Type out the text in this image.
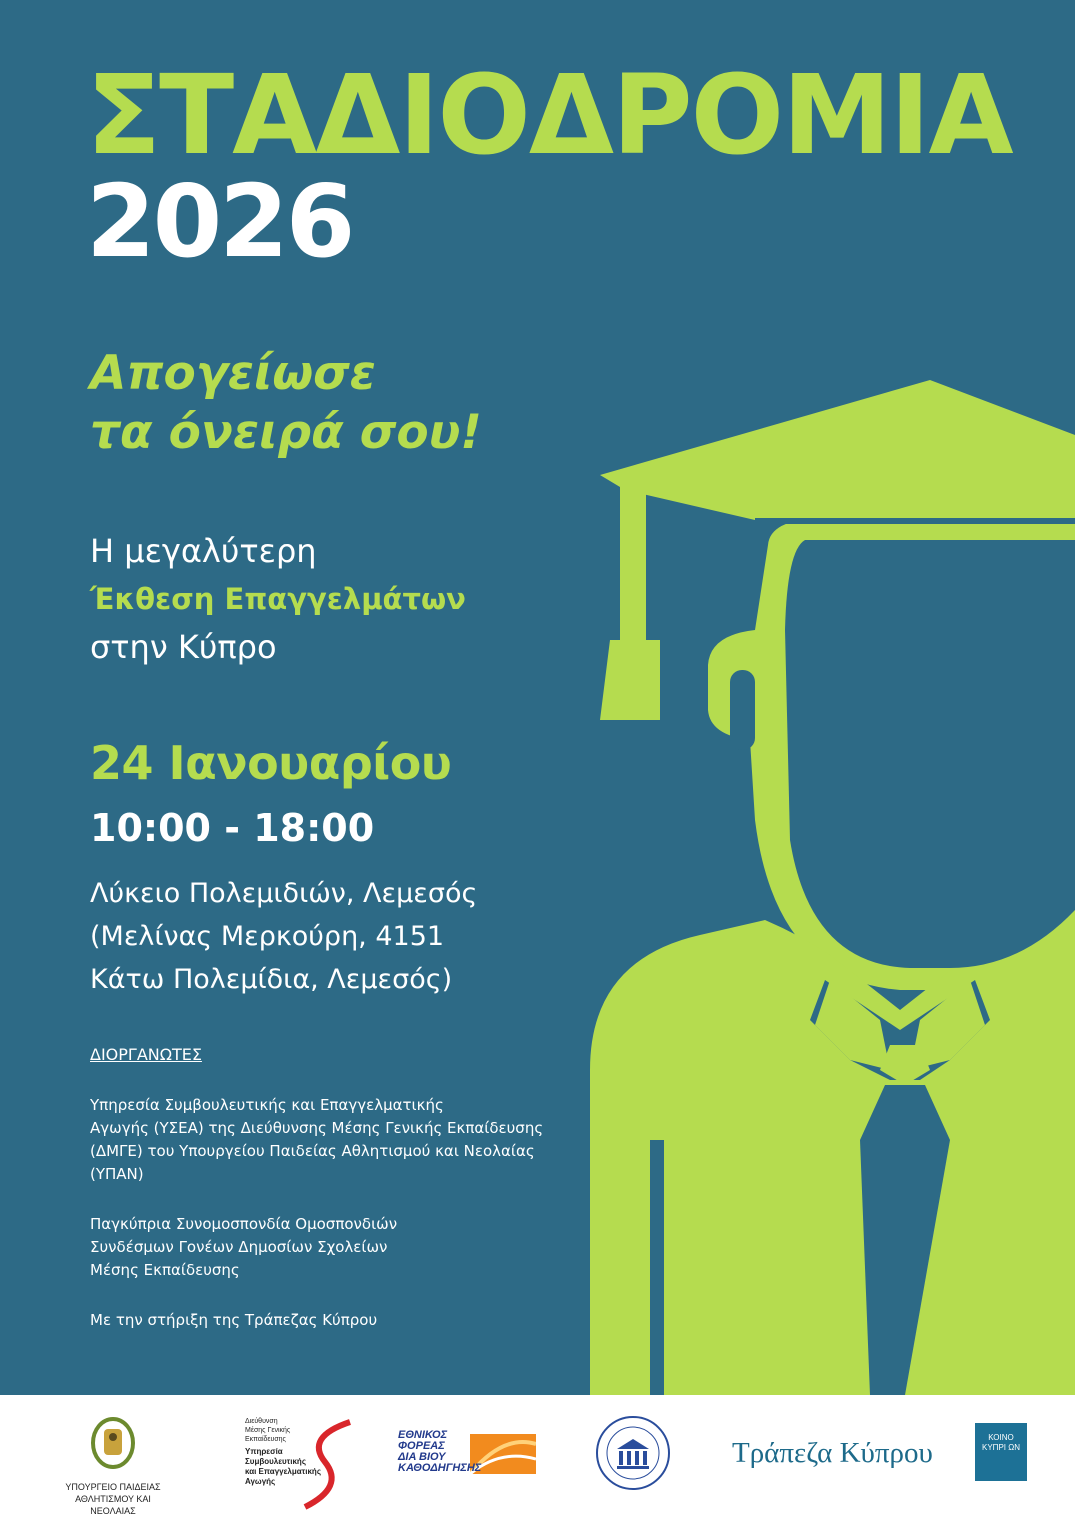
ΣΤΑΔΙΟΔΡΟΜΙΑ
2026
Απογείωσε
τα όνειρά σου!
Η μεγαλύτερη
Έκθεση Επαγγελμάτων
στην Κύπρο
24 Ιανουαρίου
10:00 - 18:00
Λύκειο Πολεμιδιών, Λεμεσός
(Μελίνας Μερκούρη, 4151
Κάτω Πολεμίδια, Λεμεσός)
ΔΙΟΡΓΑΝΩΤΕΣ
Υπηρεσία Συμβουλευτικής και Επαγγελματικής
Αγωγής (ΥΣΕΑ) της Διεύθυνσης Μέσης Γενικής Εκπαίδευσης
(ΔΜΓΕ) του Υπουργείου Παιδείας Αθλητισμού και Νεολαίας
(ΥΠΑΝ)
Παγκύπρια Συνομοσπονδία Ομοσπονδιών
Συνδέσμων Γονέων Δημοσίων Σχολείων
Μέσης Εκπαίδευσης
Με την στήριξη της Τράπεζας Κύπρου
ΥΠΟΥΡΓΕΙΟ ΠΑΙΔΕΙΑΣ
ΑΘΛΗΤΙΣΜΟΥ ΚΑΙ ΝΕΟΛΑΙΑΣ
Διεύθυνση
Μέσης Γενικής
Εκπαίδευσης
Υπηρεσία
Συμβουλευτικής
και Επαγγελματικής
Αγωγής
ΕΘΝΙΚΟΣ
ΦΟΡΕΑΣ
ΔΙΑ ΒΙΟΥ
ΚΑΘΟΔΗΓΗΣΗΣ	Τράπεζα Κύπρου	ΚΟΙΝΟ ΚΥΠΡΙ ΩΝ
